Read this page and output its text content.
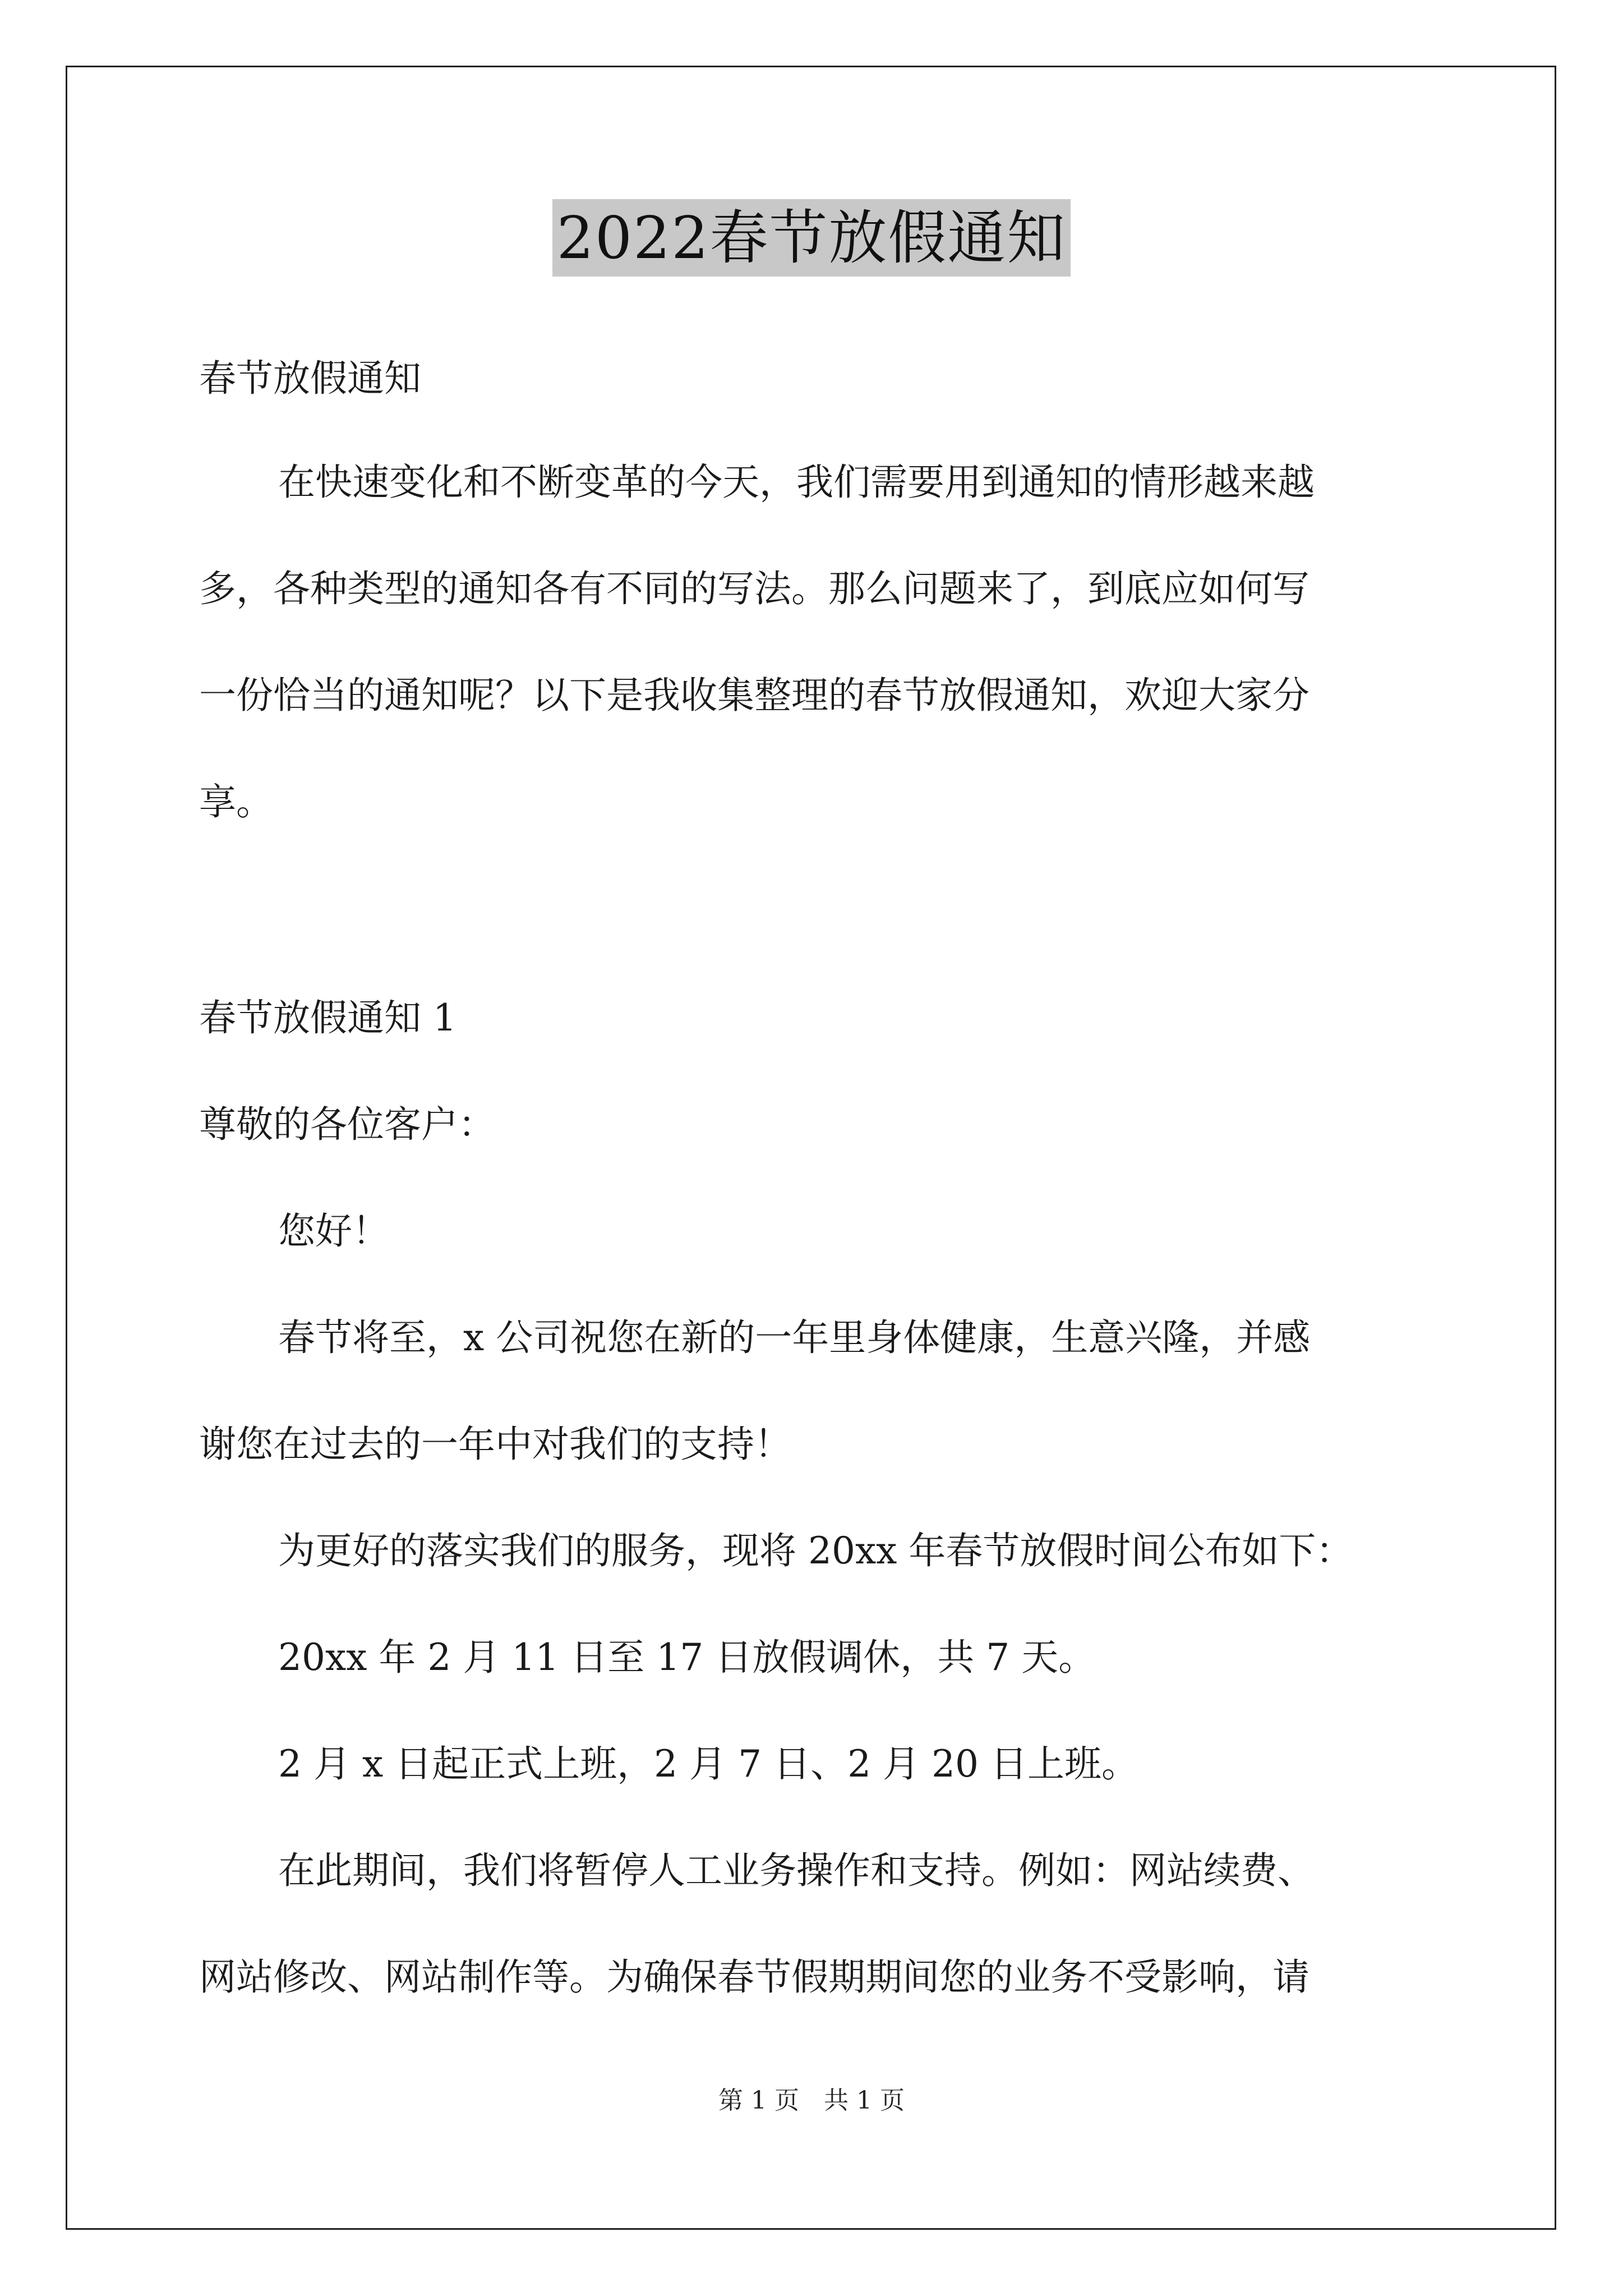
2022春节放假通知
春节放假通知
在快速变化和不断变革的今天，我们需要用到通知的情形越来越
多，各种类型的通知各有不同的写法。那么问题来了，到底应如何写
一份恰当的通知呢？以下是我收集整理的春节放假通知，欢迎大家分
享。
春节放假通知 1
尊敬的各位客户：
您好！
春节将至，x 公司祝您在新的一年里身体健康，生意兴隆，并感
谢您在过去的一年中对我们的支持！
为更好的落实我们的服务，现将 20xx 年春节放假时间公布如下：
20xx 年 2 月 11 日至 17 日放假调休，共 7 天。
2 月 x 日起正式上班，2 月 7 日、2 月 20 日上班。
在此期间，我们将暂停人工业务操作和支持。例如：网站续费、
网站修改、网站制作等。为确保春节假期期间您的业务不受影响，请
第 1 页　共 1 页
